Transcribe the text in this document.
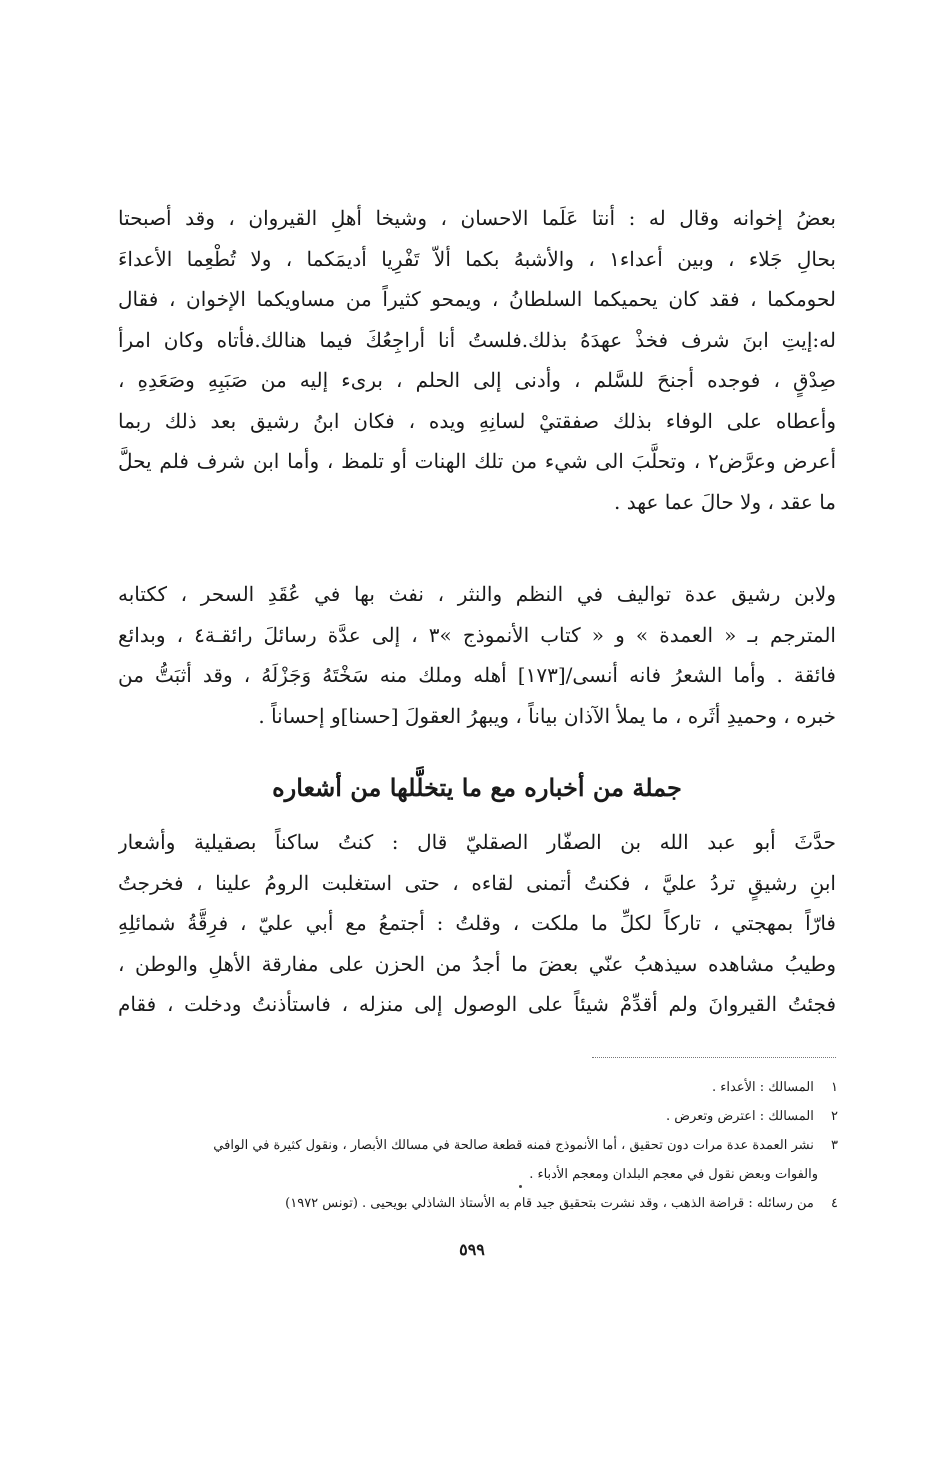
بعضُ إخوانه وقال له : أنتا عَلَما الاحسان ، وشيخا أهلِ القيروان ، وقد أصبحتا
بحالِ جَلاء ، وبين أعداء١ ، والأشبهُ بكما ألاّ تَفْرِيا أديمَكما ، ولا تُطْعِما الأعداءَ
لحومكما ، فقد كان يحميكما السلطانُ ، ويمحو كثيراً من مساويكما الإخوان ، فقال
له:إيتِ ابنَ شرف فخذْ عهدَهُ بذلك.فلستُ أنا أراجِعُكَ فيما هنالك.فأتاه وكان امرأ
صِدْقٍ ، فوجده أجنحَ للسَّلم ، وأدنى إلى الحلم ، برىء إليه من صَبَبِهِ وصَعَدِهِ ،
وأعطاه على الوفاء بذلك صفقتيْ لسانِهِ ويده ، فكان ابنُ رشيق بعد ذلك ربما
أعرض وعرَّض٢ ، وتحلَّبَ الى شيء من تلك الهنات أو تلمظ ، وأما ابن شرف فلم يحلَّ
ما عقد ، ولا حالَ عما عهد .
ولابن رشيق عدة تواليف في النظم والنثر ، نفث بها في عُقَدِ السحر ، ككتابه
المترجم بـ « العمدة » و « كتاب الأنموذج »٣ ، إلى عدَّة رسائلَ رائقـة٤ ، وبدائع
فائقة . وأما الشعرُ فانه أنسى/[١٧٣] أهله وملك منه سَخْتَهُ وَجَزْلَهُ ، وقد أثبَتُّ من
خبره ، وحميدِ أثَره ، ما يملأ الآذان بياناً ، ويبهرُ العقولَ [حسنا]و إحساناً .
جملة من أخباره مع ما يتخلَّلها من أشعاره
حدَّثَ أبو عبد الله بن الصفّار الصقليّ قال : كنتُ ساكناً بصقيلية وأشعار
ابنِ رشيقٍ تردُ عليَّ ، فكنتُ أتمنى لقاءه ، حتى استغلبت الرومُ علينا ، فخرجتُ
فارّاً بمهجتي ، تاركاً لكلِّ ما ملكت ، وقلتُ : أجتمعُ مع أبي عليّ ، فرِقَّةُ شمائلِهِ
وطيبُ مشاهده سيذهبُ عنّي بعضَ ما أجدُ من الحزن على مفارقة الأهلِ والوطن ،
فجئتُ القيروانَ ولم أقدِّمْ شيئاً على الوصول إلى منزله ، فاستأذنتُ ودخلت ، فقام
١ المسالك : الأعداء .
٢ المسالك : اعترض وتعرض .
٣ نشر العمدة عدة مرات دون تحقيق ، أما الأنموذج فمنه قطعة صالحة في مسالك الأبصار ، ونقول كثيرة في الوافي
والفوات وبعض نقول في معجم البلدان ومعجم الأدباء .
٤ من رسائله : قراضة الذهب ، وقد نشرت بتحقيق جيد قام به الأستاذ الشاذلي بويحيى . (تونس ١٩٧٢)
٥٩٩
